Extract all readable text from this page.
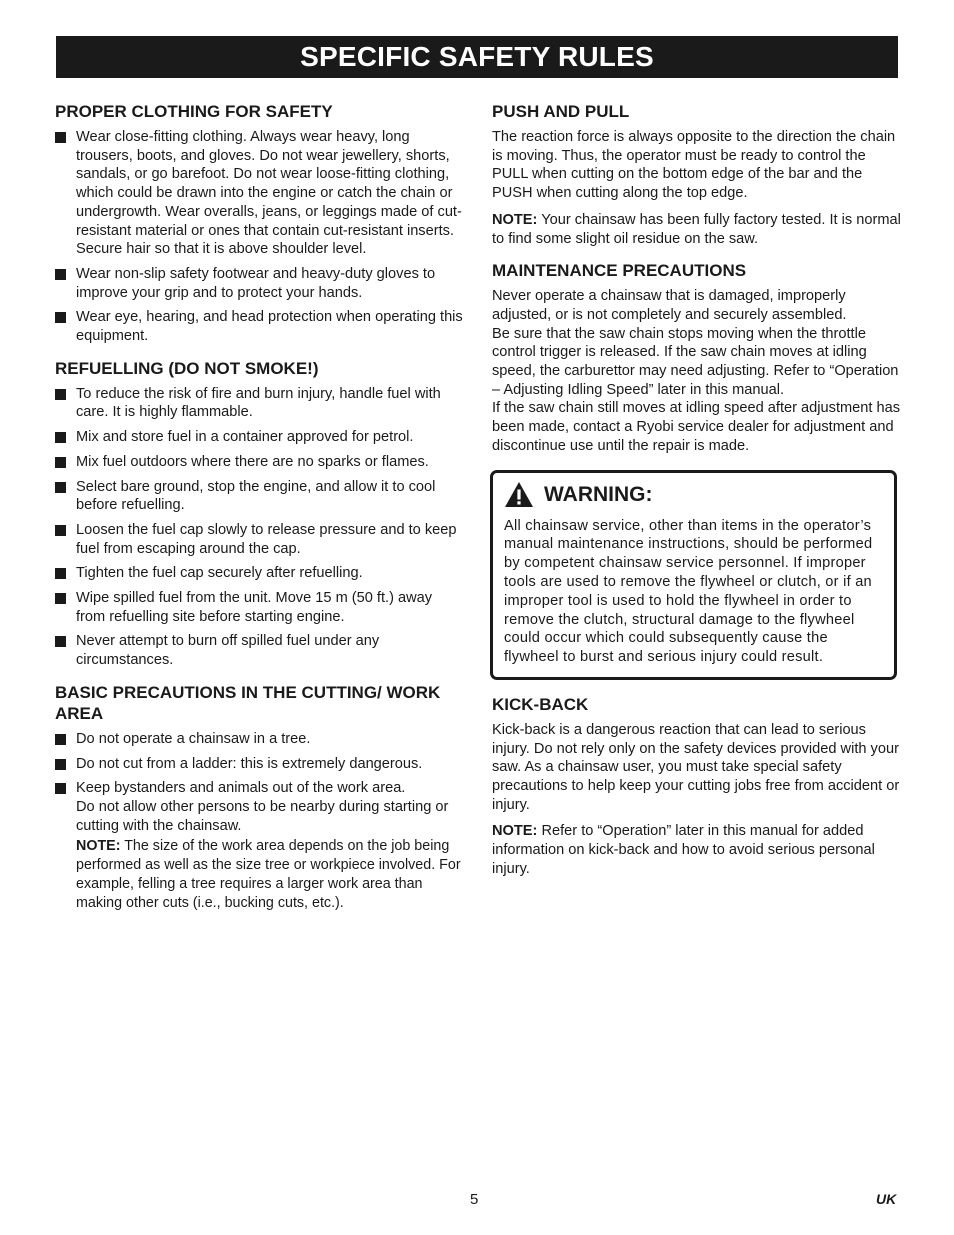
SPECIFIC SAFETY RULES
PROPER CLOTHING FOR SAFETY
Wear close-fitting clothing. Always wear heavy, long trousers, boots, and gloves. Do not wear jewellery, shorts, sandals, or go barefoot. Do not wear loose-fitting clothing, which could be drawn into the engine or catch the chain or undergrowth. Wear overalls, jeans, or leggings made of cut-resistant material or ones that contain cut-resistant inserts. Secure hair so that it is above shoulder level.
Wear non-slip safety footwear and heavy-duty gloves to improve your grip and to protect your hands.
Wear eye, hearing, and head protection when operating this equipment.
REFUELLING (DO NOT SMOKE!)
To reduce the risk of fire and burn injury, handle fuel with care. It is highly flammable.
Mix and store fuel in a container approved for petrol.
Mix fuel outdoors where there are no sparks or flames.
Select bare ground, stop the engine, and allow it to cool before refuelling.
Loosen the fuel cap slowly to release pressure and to keep fuel from escaping around the cap.
Tighten the fuel cap securely after refuelling.
Wipe spilled fuel from the unit. Move 15 m (50 ft.) away from refuelling site before starting engine.
Never attempt to burn off spilled fuel under any circumstances.
BASIC PRECAUTIONS IN THE CUTTING/ WORK AREA
Do not operate a chainsaw in a tree.
Do not cut from a ladder: this is extremely dangerous.
Keep bystanders and animals out of the work area.
Do not allow other persons to be nearby during starting or cutting with the chainsaw.
NOTE: The size of the work area depends on the job being performed as well as the size tree or workpiece involved. For example, felling a tree requires a larger work area than making other cuts (i.e., bucking cuts, etc.).
PUSH AND PULL

The reaction force is always opposite to the direction the chain is moving. Thus, the operator must be ready to control the PULL when cutting on the bottom edge of the bar and the PUSH when cutting along the top edge.

NOTE: Your chainsaw has been fully factory tested. It is normal to find some slight oil residue on the saw.

MAINTENANCE PRECAUTIONS

Never operate a chainsaw that is damaged, improperly adjusted, or is not completely and securely assembled.

Be sure that the saw chain stops moving when the throttle control trigger is released. If the saw chain moves at idling speed, the carburettor may need adjusting. Refer to “Operation – Adjusting Idling Speed” later in this manual.

If the saw chain still moves at idling speed after adjustment has been made, contact a Ryobi service dealer for adjustment and discontinue use until the repair is made.

WARNING:
All chainsaw service, other than items in the operator’s manual maintenance instructions, should be performed by competent chainsaw service personnel. If improper tools are used to remove the flywheel or clutch, or if an improper tool is used to hold the flywheel in order to remove the clutch, structural damage to the flywheel could occur which could subsequently cause the flywheel to burst and serious injury could result.
KICK-BACK

Kick-back is a dangerous reaction that can lead to serious injury. Do not rely only on the safety devices provided with your saw. As a chainsaw user, you must take special safety precautions to help keep your cutting jobs free from accident or injury.

NOTE: Refer to “Operation” later in this manual for added information on kick-back and how to avoid serious personal injury.

5	UK
